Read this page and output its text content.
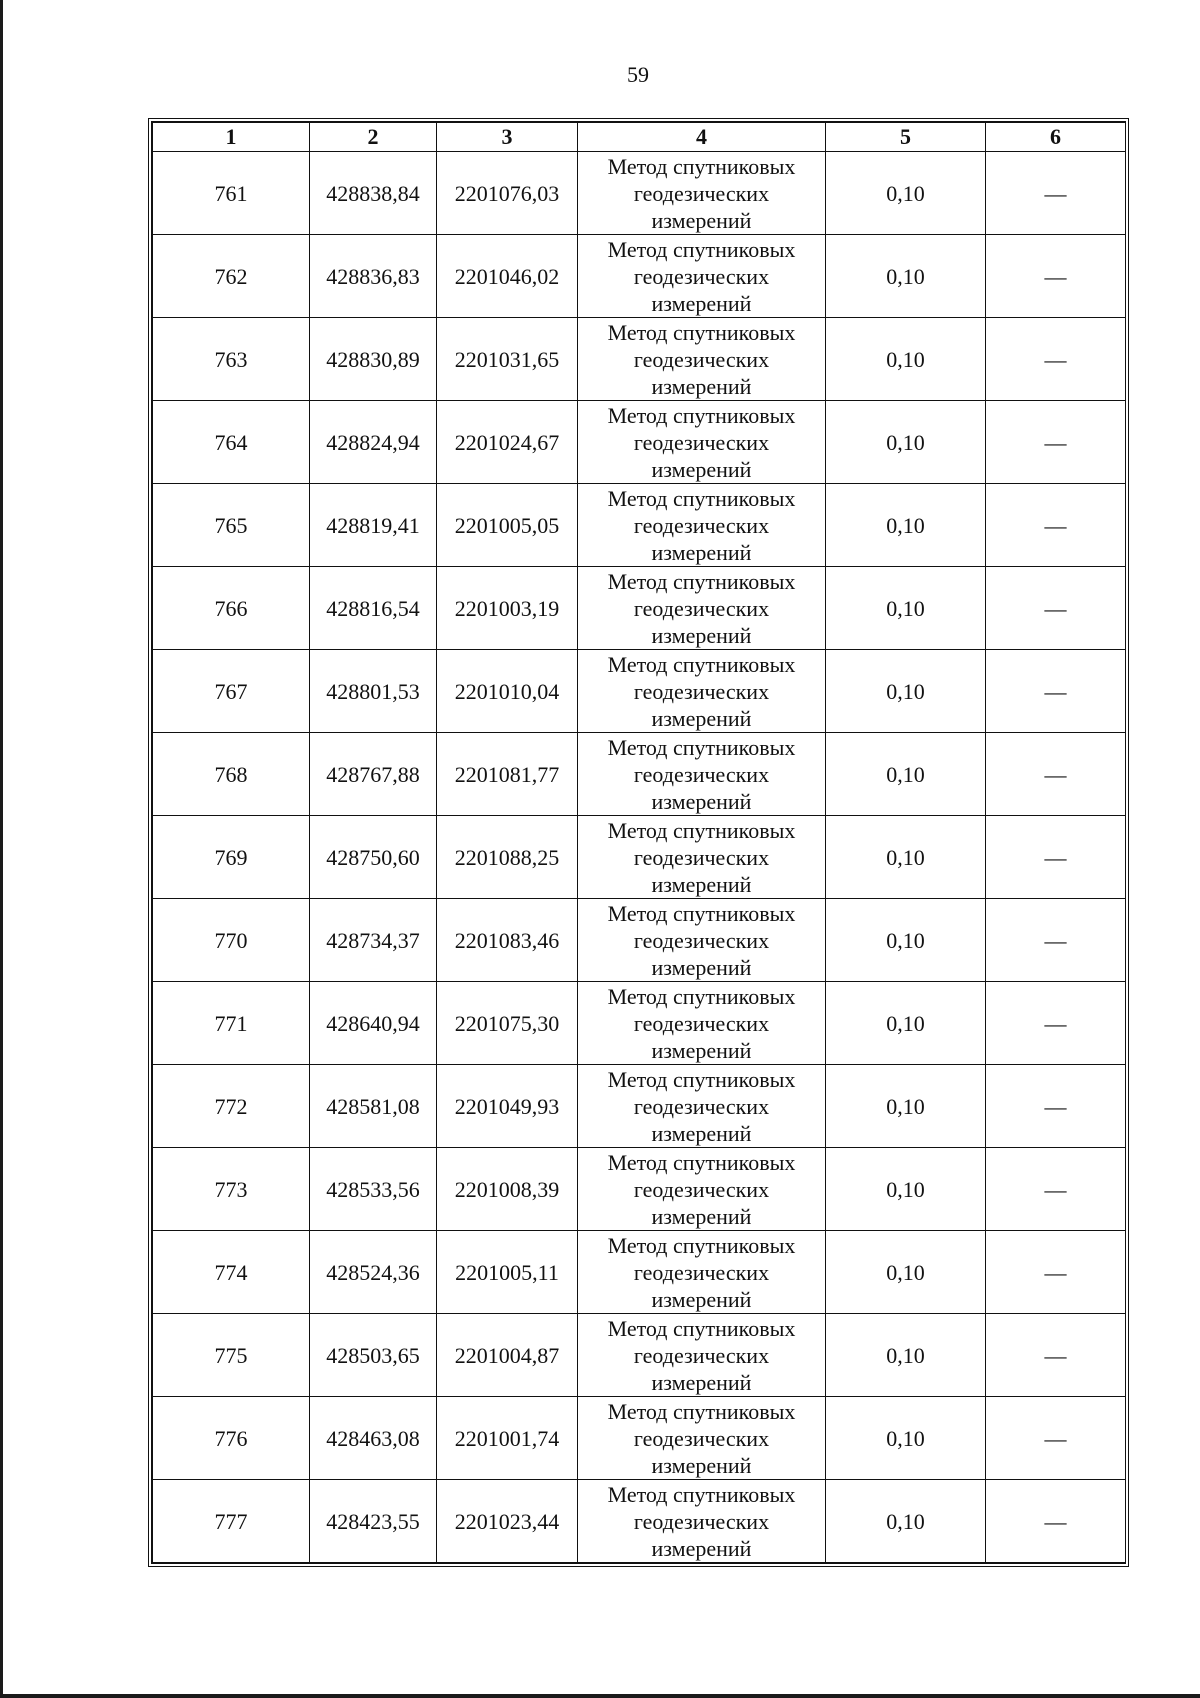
59
1	2	3	4	5	6
761	428838,84	2201076,03	Метод спутниковых геодезических измерений	0,10	—
762	428836,83	2201046,02	Метод спутниковых геодезических измерений	0,10	—
763	428830,89	2201031,65	Метод спутниковых геодезических измерений	0,10	—
764	428824,94	2201024,67	Метод спутниковых геодезических измерений	0,10	—
765	428819,41	2201005,05	Метод спутниковых геодезических измерений	0,10	—
766	428816,54	2201003,19	Метод спутниковых геодезических измерений	0,10	—
767	428801,53	2201010,04	Метод спутниковых геодезических измерений	0,10	—
768	428767,88	2201081,77	Метод спутниковых геодезических измерений	0,10	—
769	428750,60	2201088,25	Метод спутниковых геодезических измерений	0,10	—
770	428734,37	2201083,46	Метод спутниковых геодезических измерений	0,10	—
771	428640,94	2201075,30	Метод спутниковых геодезических измерений	0,10	—
772	428581,08	2201049,93	Метод спутниковых геодезических измерений	0,10	—
773	428533,56	2201008,39	Метод спутниковых геодезических измерений	0,10	—
774	428524,36	2201005,11	Метод спутниковых геодезических измерений	0,10	—
775	428503,65	2201004,87	Метод спутниковых геодезических измерений	0,10	—
776	428463,08	2201001,74	Метод спутниковых геодезических измерений	0,10	—
777	428423,55	2201023,44	Метод спутниковых геодезических измерений	0,10	—
